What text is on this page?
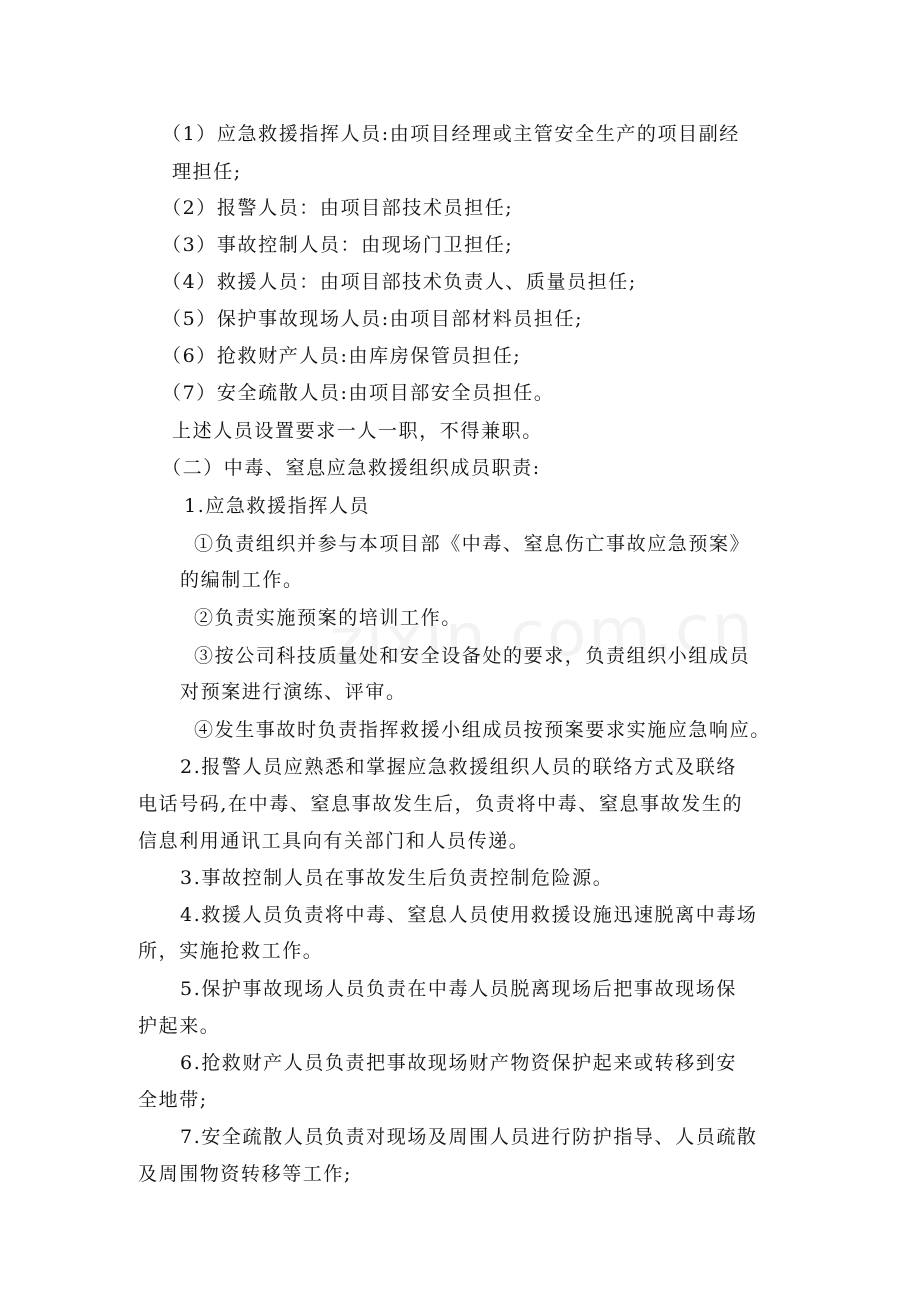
（1）应急救援指挥人员:由项目经理或主管安全生产的项目副经

理担任;

（2）报警人员：由项目部技术员担任;

（3）事故控制人员：由现场门卫担任;

（4）救援人员：由项目部技术负责人、质量员担任;

（5）保护事故现场人员:由项目部材料员担任;

（6）抢救财产人员:由库房保管员担任;

（7）安全疏散人员:由项目部安全员担任。

上述人员设置要求一人一职，不得兼职。

（二）中毒、窒息应急救援组织成员职责:

1.应急救援指挥人员

①负责组织并参与本项目部《中毒、窒息伤亡事故应急预案》

的编制工作。

②负责实施预案的培训工作。

③按公司科技质量处和安全设备处的要求，负责组织小组成员

对预案进行演练、评审。

④发生事故时负责指挥救援小组成员按预案要求实施应急响应。

2.报警人员应熟悉和掌握应急救援组织人员的联络方式及联络

电话号码,在中毒、窒息事故发生后，负责将中毒、窒息事故发生的

信息利用通讯工具向有关部门和人员传递。

3.事故控制人员在事故发生后负责控制危险源。

4.救援人员负责将中毒、窒息人员使用救援设施迅速脱离中毒场

所，实施抢救工作。

5.保护事故现场人员负责在中毒人员脱离现场后把事故现场保

护起来。

6.抢救财产人员负责把事故现场财产物资保护起来或转移到安

全地带;

7.安全疏散人员负责对现场及周围人员进行防护指导、人员疏散

及周围物资转移等工作;
